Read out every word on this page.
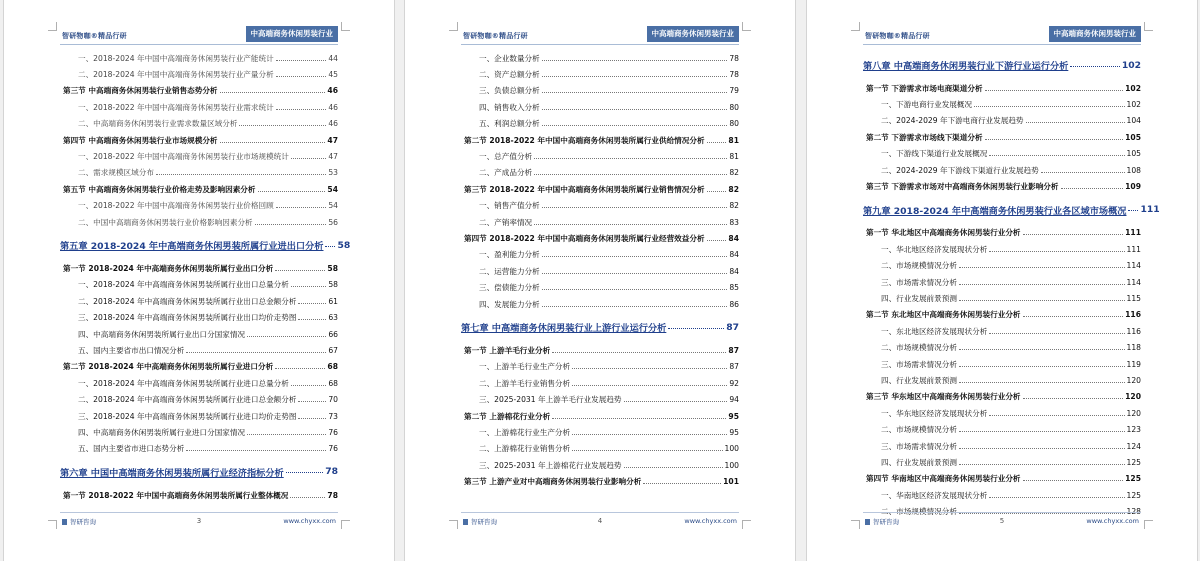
智研物咖®精品行研	中高端商务休闲男装行业
一、2018-2024 年中国中高端商务休闲男装行业产能统计	44
二、2018-2024 年中国中高端商务休闲男装行业产量分析	45
第三节 中高端商务休闲男装行业销售态势分析	46
一、2018-2022 年中国中高端商务休闲男装行业需求统计	46
二、中高端商务休闲男装行业需求数量区域分析	46
第四节 中高端商务休闲男装行业市场规模分析	47
一、2018-2022 年中国中高端商务休闲男装行业市场规模统计	47
二、需求规模区域分布	53
第五节 中高端商务休闲男装行业价格走势及影响因素分析	54
一、2018-2022 年中国中高端商务休闲男装行业价格回顾	54
二、中国中高端商务休闲男装行业价格影响因素分析	56
第五章 2018-2024 年中高端商务休闲男装所属行业进出口分析 58
第一节 2018-2024 年中高端商务休闲男装所属行业出口分析	58
一、2018-2024 年中高端商务休闲男装所属行业出口总量分析	58
二、2018-2024 年中高端商务休闲男装所属行业出口总金额分析	61
三、2018-2024 年中高端商务休闲男装所属行业出口均价走势图	63
四、中高端商务休闲男装所属行业出口分国家情况	66
五、国内主要省市出口情况分析	67
第二节 2018-2024 年中高端商务休闲男装所属行业进口分析	68
一、2018-2024 年中高端商务休闲男装所属行业进口总量分析	68
二、2018-2024 年中高端商务休闲男装所属行业进口总金额分析	70
三、2018-2024 年中高端商务休闲男装所属行业进口均价走势图	73
四、中高端商务休闲男装所属行业进口分国家情况	76
五、国内主要省市进口态势分析	76
第六章 中国中高端商务休闲男装所属行业经济指标分析	78
第一节 2018-2022 年中国中高端商务休闲男装所属行业整体概况	78
智研咨询	3	www.chyxx.com
智研物咖®精品行研	中高端商务休闲男装行业
一、企业数量分析	78
二、资产总额分析	78
三、负债总额分析	79
四、销售收入分析	80
五、利润总额分析	80
第二节 2018-2022 年中国中高端商务休闲男装所属行业供给情况分析	81
一、总产值分析	81
二、产成品分析	82
第三节 2018-2022 年中国中高端商务休闲男装所属行业销售情况分析	82
一、销售产值分析	82
二、产销率情况	83
第四节 2018-2022 年中国中高端商务休闲男装所属行业经营效益分析	84
一、盈利能力分析	84
二、运营能力分析	84
三、偿债能力分析	85
四、发展能力分析	86
第七章 中高端商务休闲男装行业上游行业运行分析	87
第一节 上游羊毛行业分析	87
一、上游羊毛行业生产分析	87
二、上游羊毛行业销售分析	92
三、2025-2031 年上游羊毛行业发展趋势	94
第二节 上游棉花行业分析	95
一、上游棉花行业生产分析	95
二、上游棉花行业销售分析	100
三、2025-2031 年上游棉花行业发展趋势	100
第三节 上游产业对中高端商务休闲男装行业影响分析	101
智研咨询	4	www.chyxx.com
智研物咖®精品行研	中高端商务休闲男装行业
第八章 中高端商务休闲男装行业下游行业运行分析	102
第一节 下游需求市场电商渠道分析	102
一、下游电商行业发展概况	102
二、2024-2029 年下游电商行业发展趋势	104
第二节 下游需求市场线下渠道分析	105
一、下游线下渠道行业发展概况	105
二、2024-2029 年下游线下渠道行业发展趋势	108
第三节 下游需求市场对中高端商务休闲男装行业影响分析	109
第九章 2018-2024 年中高端商务休闲男装行业各区域市场概况 111
第一节 华北地区中高端商务休闲男装行业分析	111
一、华北地区经济发展现状分析	111
二、市场规模情况分析	114
三、市场需求情况分析	114
四、行业发展前景预测	115
第二节 东北地区中高端商务休闲男装行业分析	116
一、东北地区经济发展现状分析	116
二、市场规模情况分析	118
三、市场需求情况分析	119
四、行业发展前景预测	120
第三节 华东地区中高端商务休闲男装行业分析	120
一、华东地区经济发展现状分析	120
二、市场规模情况分析	123
三、市场需求情况分析	124
四、行业发展前景预测	125
第四节 华南地区中高端商务休闲男装行业分析	125
一、华南地区经济发展现状分析	125
二、市场规模情况分析	128
智研咨询	5	www.chyxx.com
